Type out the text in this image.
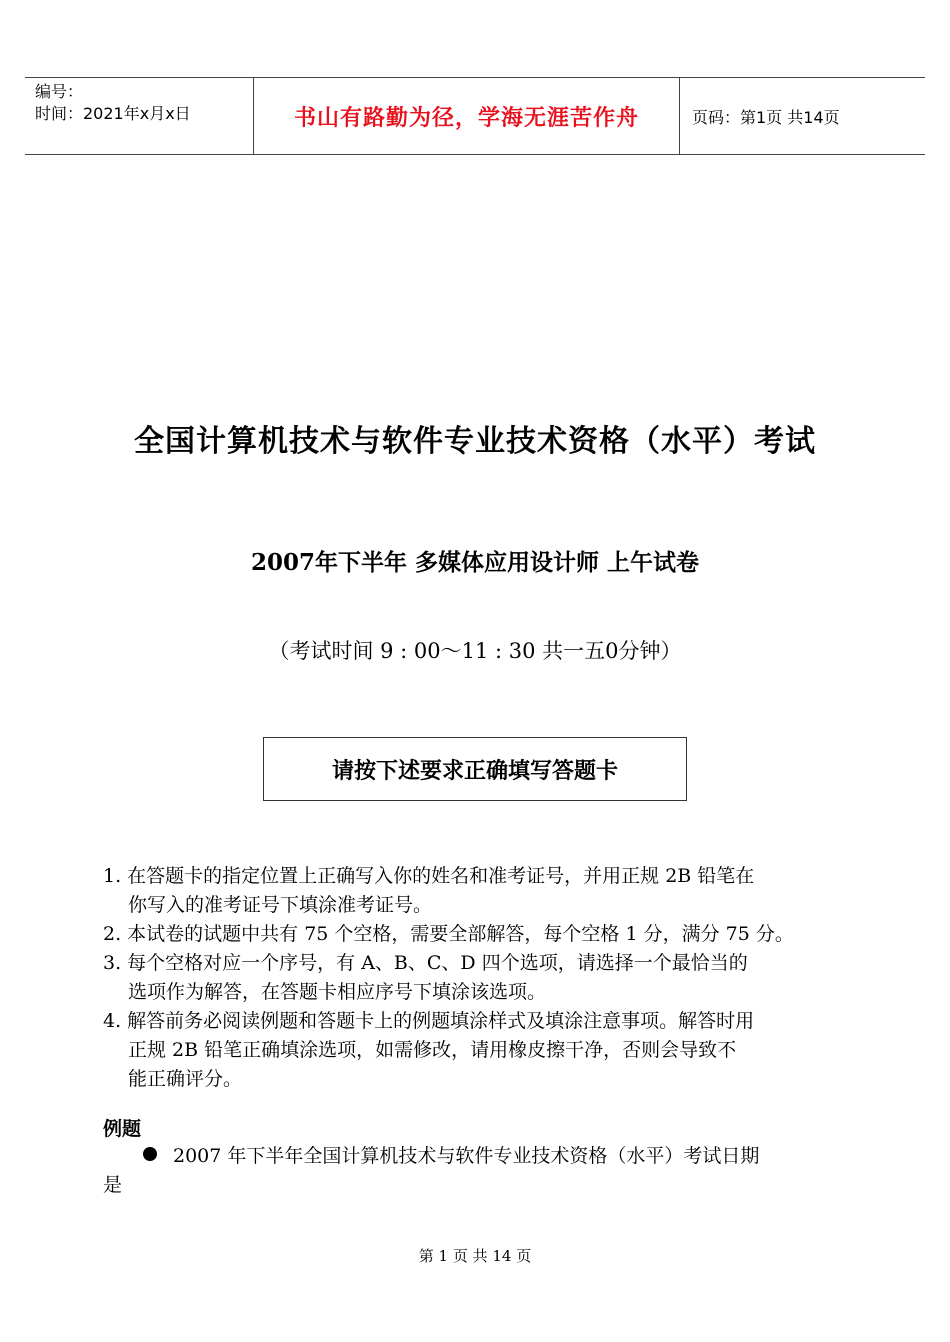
编号：
时间：2021年x月x日	书山有路勤为径，学海无涯苦作舟	页码：第1页 共14页
全国计算机技术与软件专业技术资格（水平）考试
2007年下半年 多媒体应用设计师 上午试卷
（考试时间 9 : 00～11 : 30 共一五0分钟）
请按下述要求正确填写答题卡
1. 在答题卡的指定位置上正确写入你的姓名和准考证号，并用正规 2B 铅笔在
你写入的准考证号下填涂准考证号。
2. 本试卷的试题中共有 75 个空格，需要全部解答，每个空格 1 分，满分 75 分。
3. 每个空格对应一个序号，有 A、B、C、D 四个选项，请选择一个最恰当的
选项作为解答，在答题卡相应序号下填涂该选项。
4. 解答前务必阅读例题和答题卡上的例题填涂样式及填涂注意事项。解答时用
正规 2B 铅笔正确填涂选项，如需修改，请用橡皮擦干净，否则会导致不
能正确评分。
例题
2007 年下半年全国计算机技术与软件专业技术资格（水平）考试日期
是
第 1 页 共 14 页
